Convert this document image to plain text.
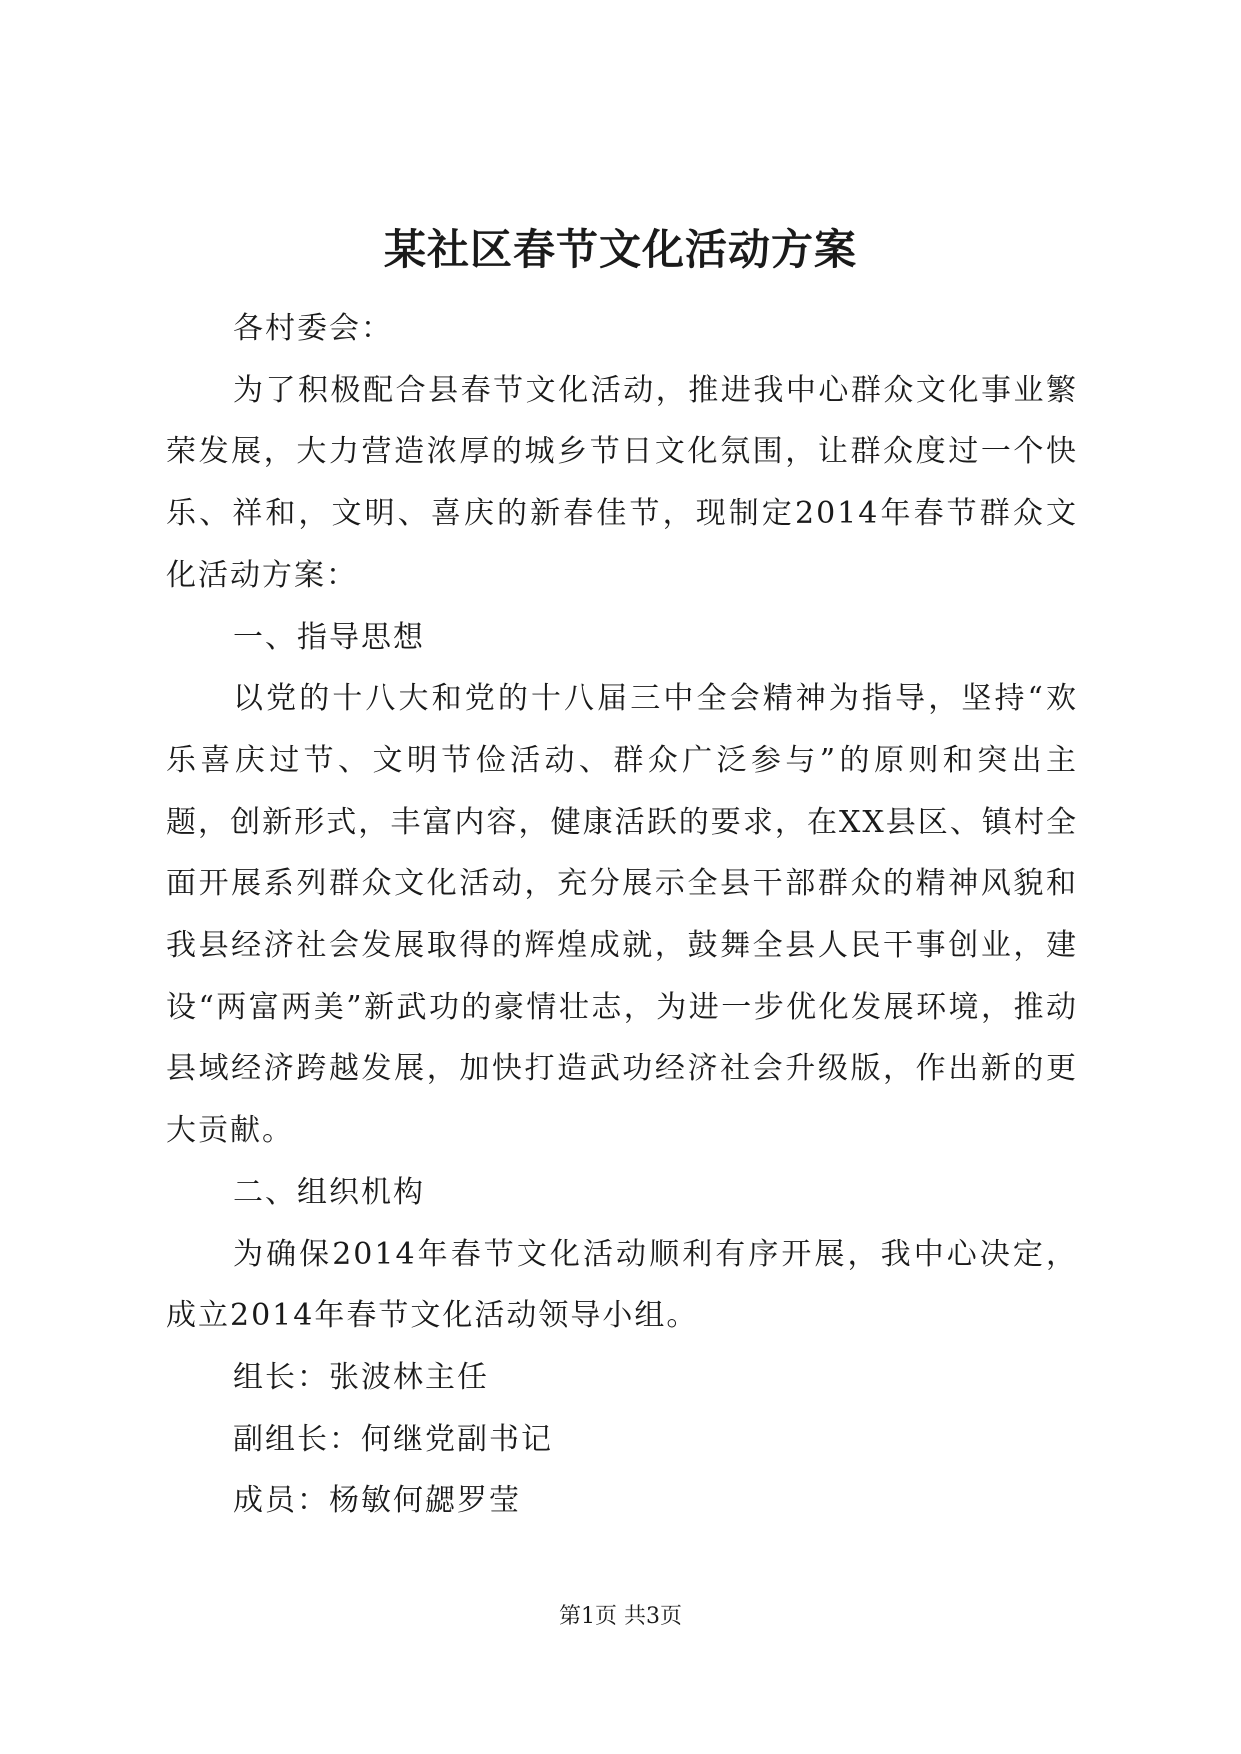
某社区春节文化活动方案

各村委会：

为了积极配合县春节文化活动，推进我中心群众文化事业繁荣发展，大力营造浓厚的城乡节日文化氛围，让群众度过一个快乐、祥和，文明、喜庆的新春佳节，现制定2014年春节群众文化活动方案：

一、指导思想

以党的十八大和党的十八届三中全会精神为指导，坚持“欢乐喜庆过节、文明节俭活动、群众广泛参与”的原则和突出主题，创新形式，丰富内容，健康活跃的要求，在XX县区、镇村全面开展系列群众文化活动，充分展示全县干部群众的精神风貌和我县经济社会发展取得的辉煌成就，鼓舞全县人民干事创业，建设“两富两美”新武功的豪情壮志，为进一步优化发展环境，推动县域经济跨越发展，加快打造武功经济社会升级版，作出新的更大贡献。

二、组织机构

为确保2014年春节文化活动顺利有序开展，我中心决定，成立2014年春节文化活动领导小组。

组长：张波林主任

副组长：何继党副书记

成员：杨敏何勰罗莹

第1页 共3页
